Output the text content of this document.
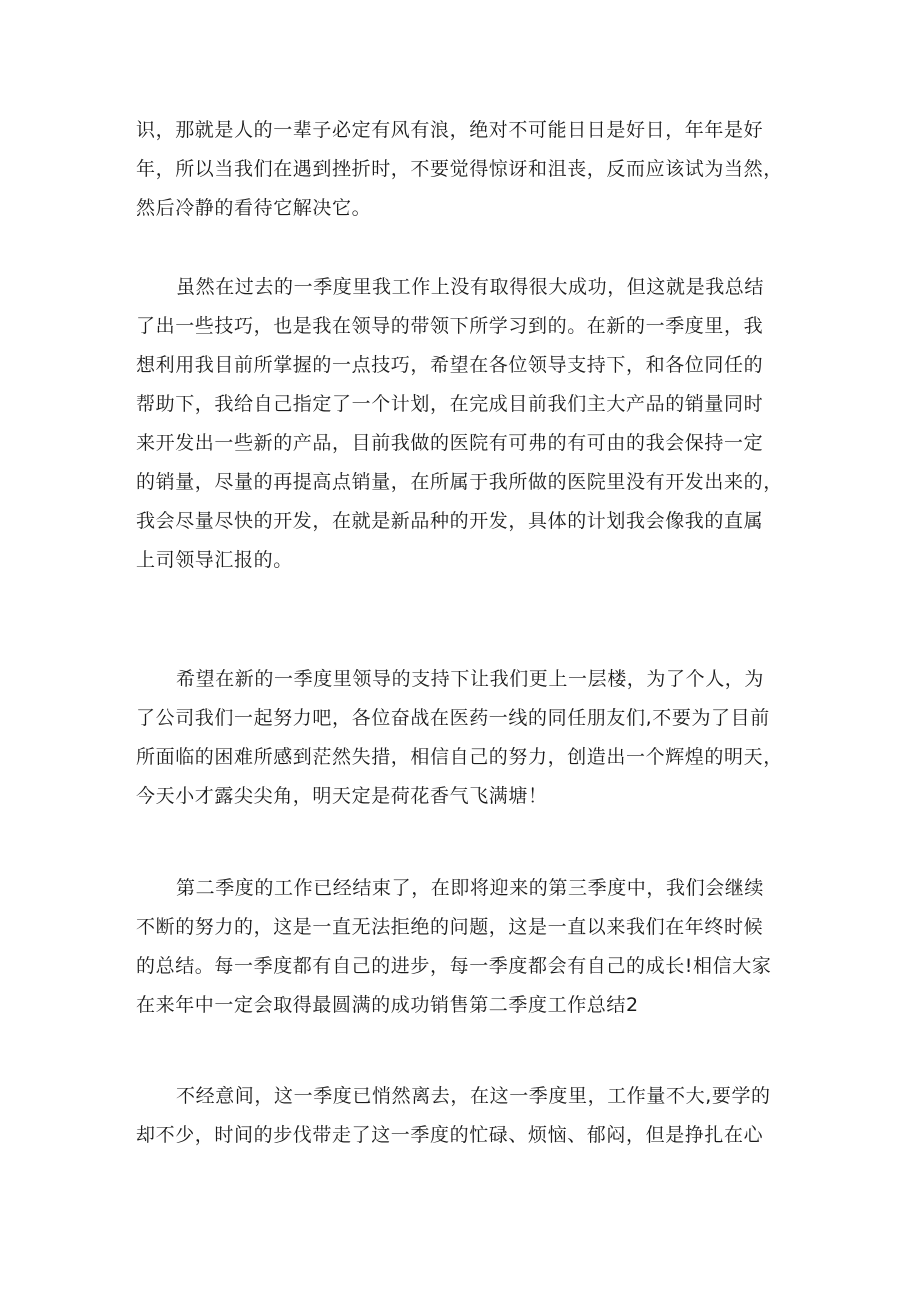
识，那就是人的一辈子必定有风有浪，绝对不可能日日是好日，年年是好
年，所以当我们在遇到挫折时，不要觉得惊讶和沮丧，反而应该试为当然，
然后冷静的看待它解决它。
虽然在过去的一季度里我工作上没有取得很大成功，但这就是我总结
了出一些技巧，也是我在领导的带领下所学习到的。在新的一季度里，我
想利用我目前所掌握的一点技巧，希望在各位领导支持下，和各位同任的
帮助下，我给自己指定了一个计划，在完成目前我们主大产品的销量同时
来开发出一些新的产品，目前我做的医院有可弗的有可由的我会保持一定
的销量，尽量的再提高点销量，在所属于我所做的医院里没有开发出来的，
我会尽量尽快的开发，在就是新品种的开发，具体的计划我会像我的直属
上司领导汇报的。
希望在新的一季度里领导的支持下让我们更上一层楼，为了个人，为
了公司我们一起努力吧，各位奋战在医药一线的同任朋友们,不要为了目前
所面临的困难所感到茫然失措，相信自己的努力，创造出一个辉煌的明天，
今天小才露尖尖角，明天定是荷花香气飞满塘！
第二季度的工作已经结束了，在即将迎来的第三季度中，我们会继续
不断的努力的，这是一直无法拒绝的问题，这是一直以来我们在年终时候
的总结。每一季度都有自己的进步，每一季度都会有自己的成长!相信大家
在来年中一定会取得最圆满的成功销售第二季度工作总结2
不经意间，这一季度已悄然离去，在这一季度里，工作量不大,要学的
却不少，时间的步伐带走了这一季度的忙碌、烦恼、郁闷，但是挣扎在心
